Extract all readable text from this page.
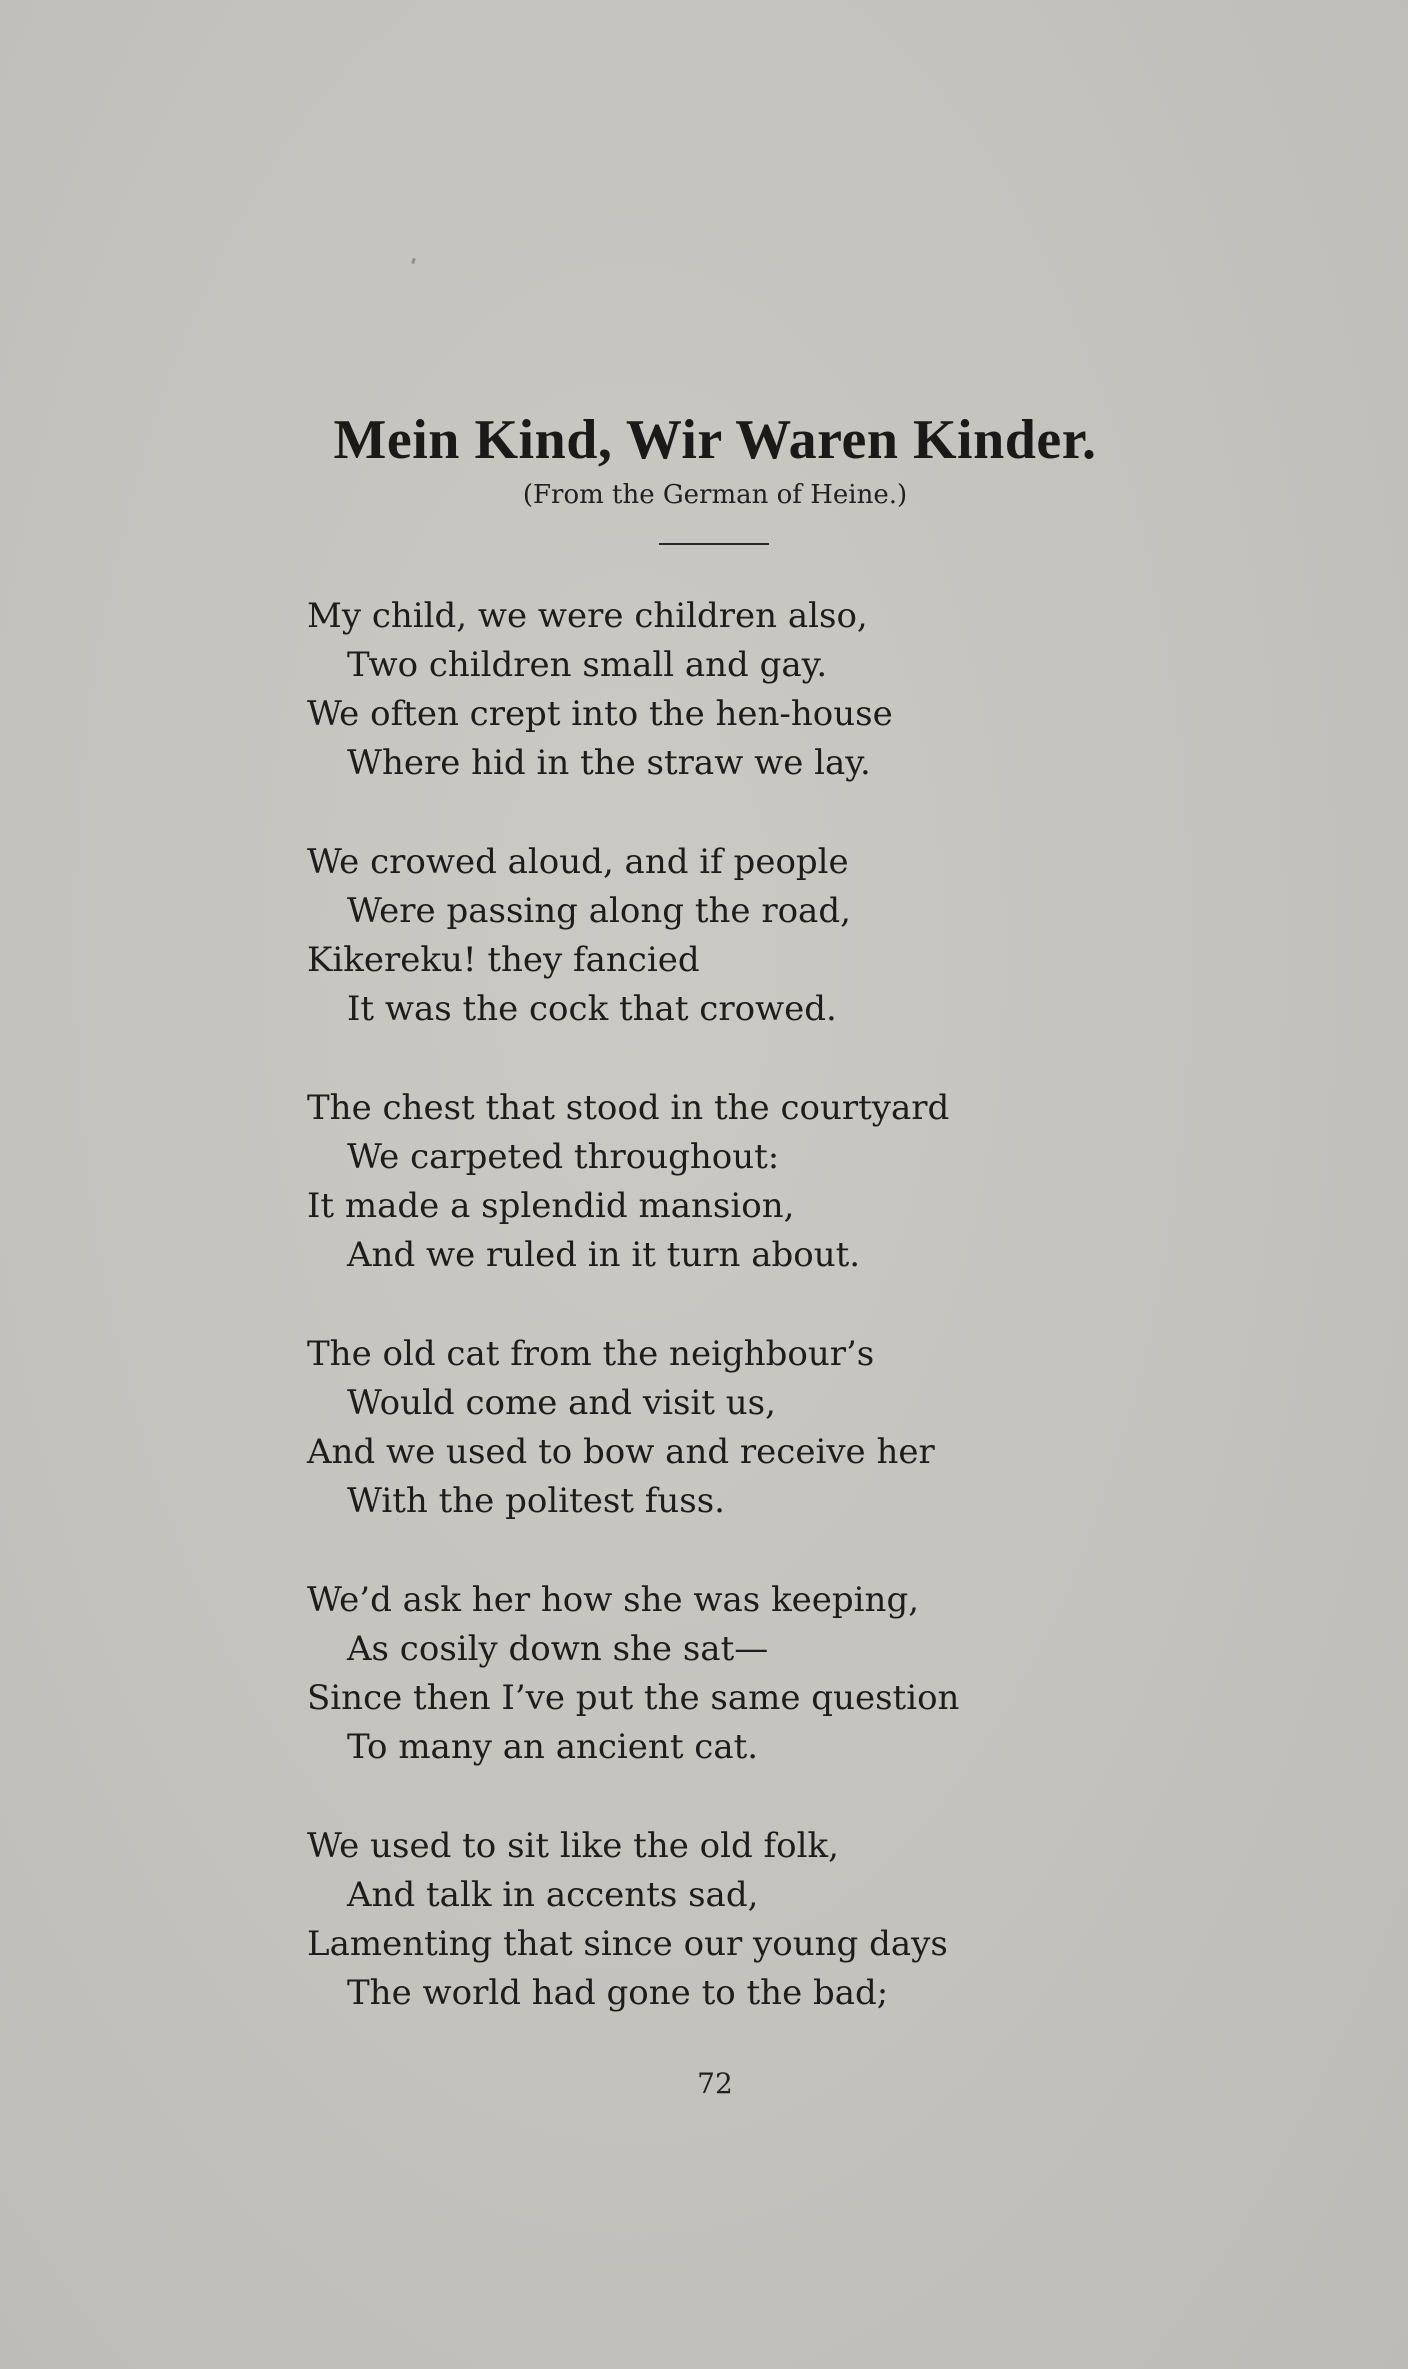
Mein Kind, Wir Waren Kinder.
(From the German of Heine.)
My child, we were children also,
Two children small and gay.
We often crept into the hen-house
Where hid in the straw we lay.
We crowed aloud, and if people
Were passing along the road,
Kikereku! they fancied
It was the cock that crowed.
The chest that stood in the courtyard
We carpeted throughout:
It made a splendid mansion,
And we ruled in it turn about.
The old cat from the neighbour’s
Would come and visit us,
And we used to bow and receive her
With the politest fuss.
We’d ask her how she was keeping,
As cosily down she sat—
Since then I’ve put the same question
To many an ancient cat.
We used to sit like the old folk,
And talk in accents sad,
Lamenting that since our young days
The world had gone to the bad;
72
